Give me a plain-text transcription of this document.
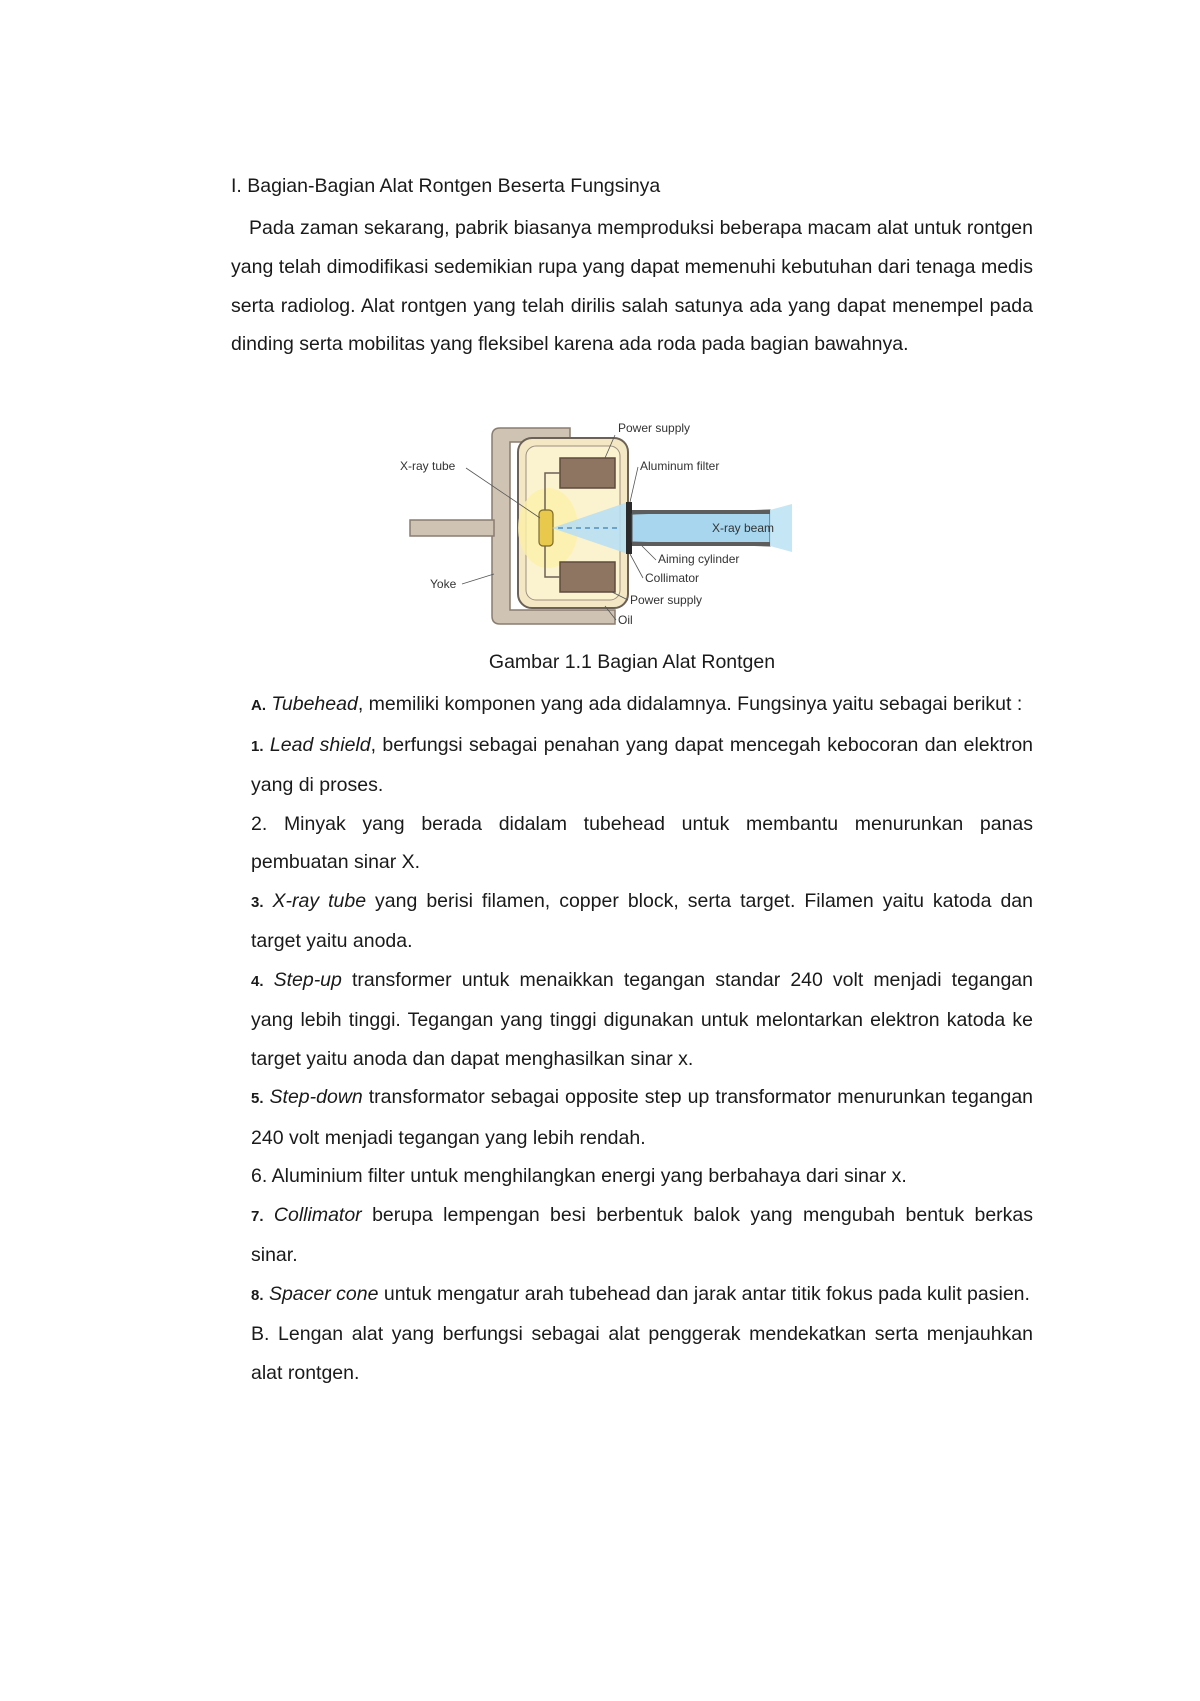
I. Bagian-Bagian Alat Rontgen Beserta Fungsinya
Pada zaman sekarang, pabrik biasanya memproduksi beberapa macam alat untuk rontgen yang telah dimodifikasi sedemikian rupa yang dapat memenuhi kebutuhan dari tenaga medis serta radiolog. Alat rontgen yang telah dirilis salah satunya ada yang dapat menempel pada dinding serta mobilitas yang fleksibel karena ada roda pada bagian bawahnya.
Power supply
Aluminum filter
X-ray tube
X-ray beam
Aiming cylinder
Collimator
Yoke
Power supply
Oil
Gambar 1.1 Bagian Alat Rontgen

A. Tubehead, memiliki komponen yang ada didalamnya. Fungsinya yaitu sebagai berikut :

1. Lead shield, berfungsi sebagai penahan yang dapat mencegah kebocoran dan elektron yang di proses.

2. Minyak yang berada didalam tubehead untuk membantu menurunkan panas pembuatan sinar X.

3. X-ray tube yang berisi filamen, copper block, serta target. Filamen yaitu katoda dan target yaitu anoda.

4. Step-up transformer untuk menaikkan tegangan standar 240 volt menjadi tegangan yang lebih tinggi. Tegangan yang tinggi digunakan untuk melontarkan elektron katoda ke target yaitu anoda dan dapat menghasilkan sinar x.

5. Step-down transformator sebagai opposite step up transformator menurunkan tegangan 240 volt menjadi tegangan yang lebih rendah.

6. Aluminium filter untuk menghilangkan energi yang berbahaya dari sinar x.

7. Collimator berupa lempengan besi berbentuk balok yang mengubah bentuk berkas sinar.

8. Spacer cone untuk mengatur arah tubehead dan jarak antar titik fokus pada kulit pasien.

B. Lengan alat yang berfungsi sebagai alat penggerak mendekatkan serta menjauhkan alat rontgen.
